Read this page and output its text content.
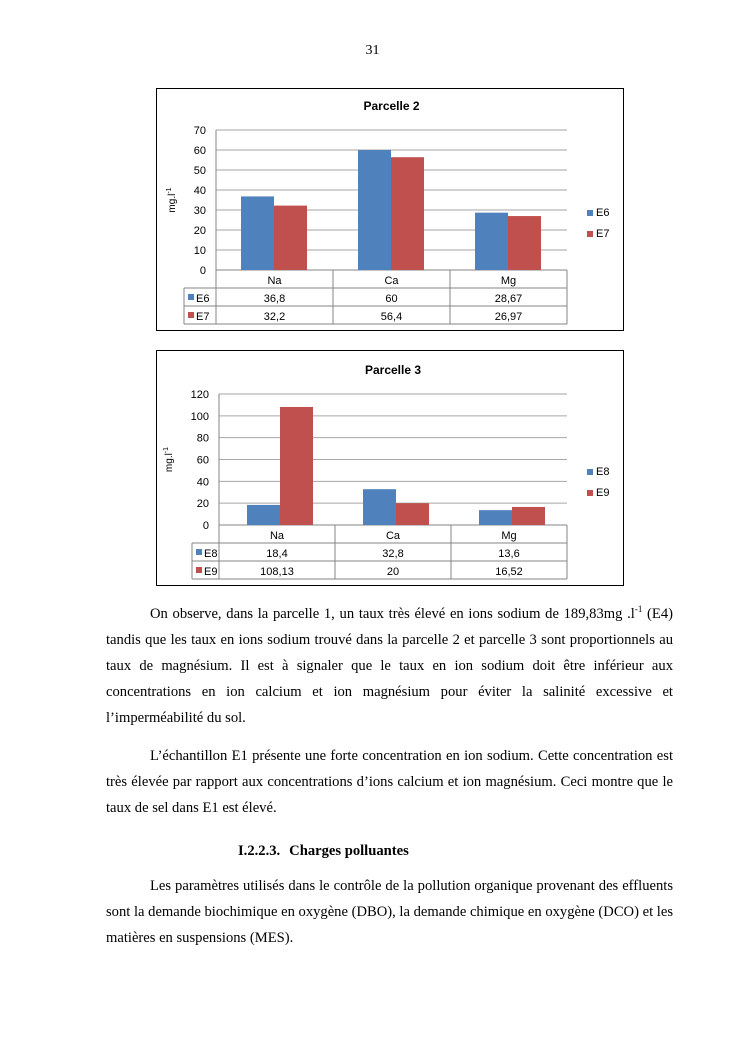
31
Parcelle 2
0
10
20
30
40
50
60
70
$mg.l^{-1}$
Na	Ca	Mg
E6	36,8	60	28,67
E7	32,2	56,4	26,97
E6
E7
Parcelle 3
0
20
40
60
80
100
120
$mg.l^{-1}$
Na	Ca	Mg
E8	18,4	32,8	13,6
E9	108,13	20	16,52
E8
E9

On observe, dans la parcelle 1, un taux très élevé en ions sodium de 189,83mg $.l^{-1}$ (E4) tandis que les taux en ions sodium trouvé dans la parcelle 2 et parcelle 3 sont proportionnels au taux de magnésium. Il est à signaler que le taux en ion sodium doit être inférieur aux concentrations en ion calcium et ion magnésium pour éviter la salinité excessive et l’imperméabilité du sol.

L’échantillon E1 présente une forte concentration en ion sodium. Cette concentration est très élevée par rapport aux concentrations d’ions calcium et ion magnésium. Ceci montre que le taux de sel dans E1 est élevé.

I.2.2.3. Charges polluantes

Les paramètres utilisés dans le contrôle de la pollution organique provenant des effluents sont la demande biochimique en oxygène (DBO), la demande chimique en oxygène (DCO) et les matières en suspensions (MES).
